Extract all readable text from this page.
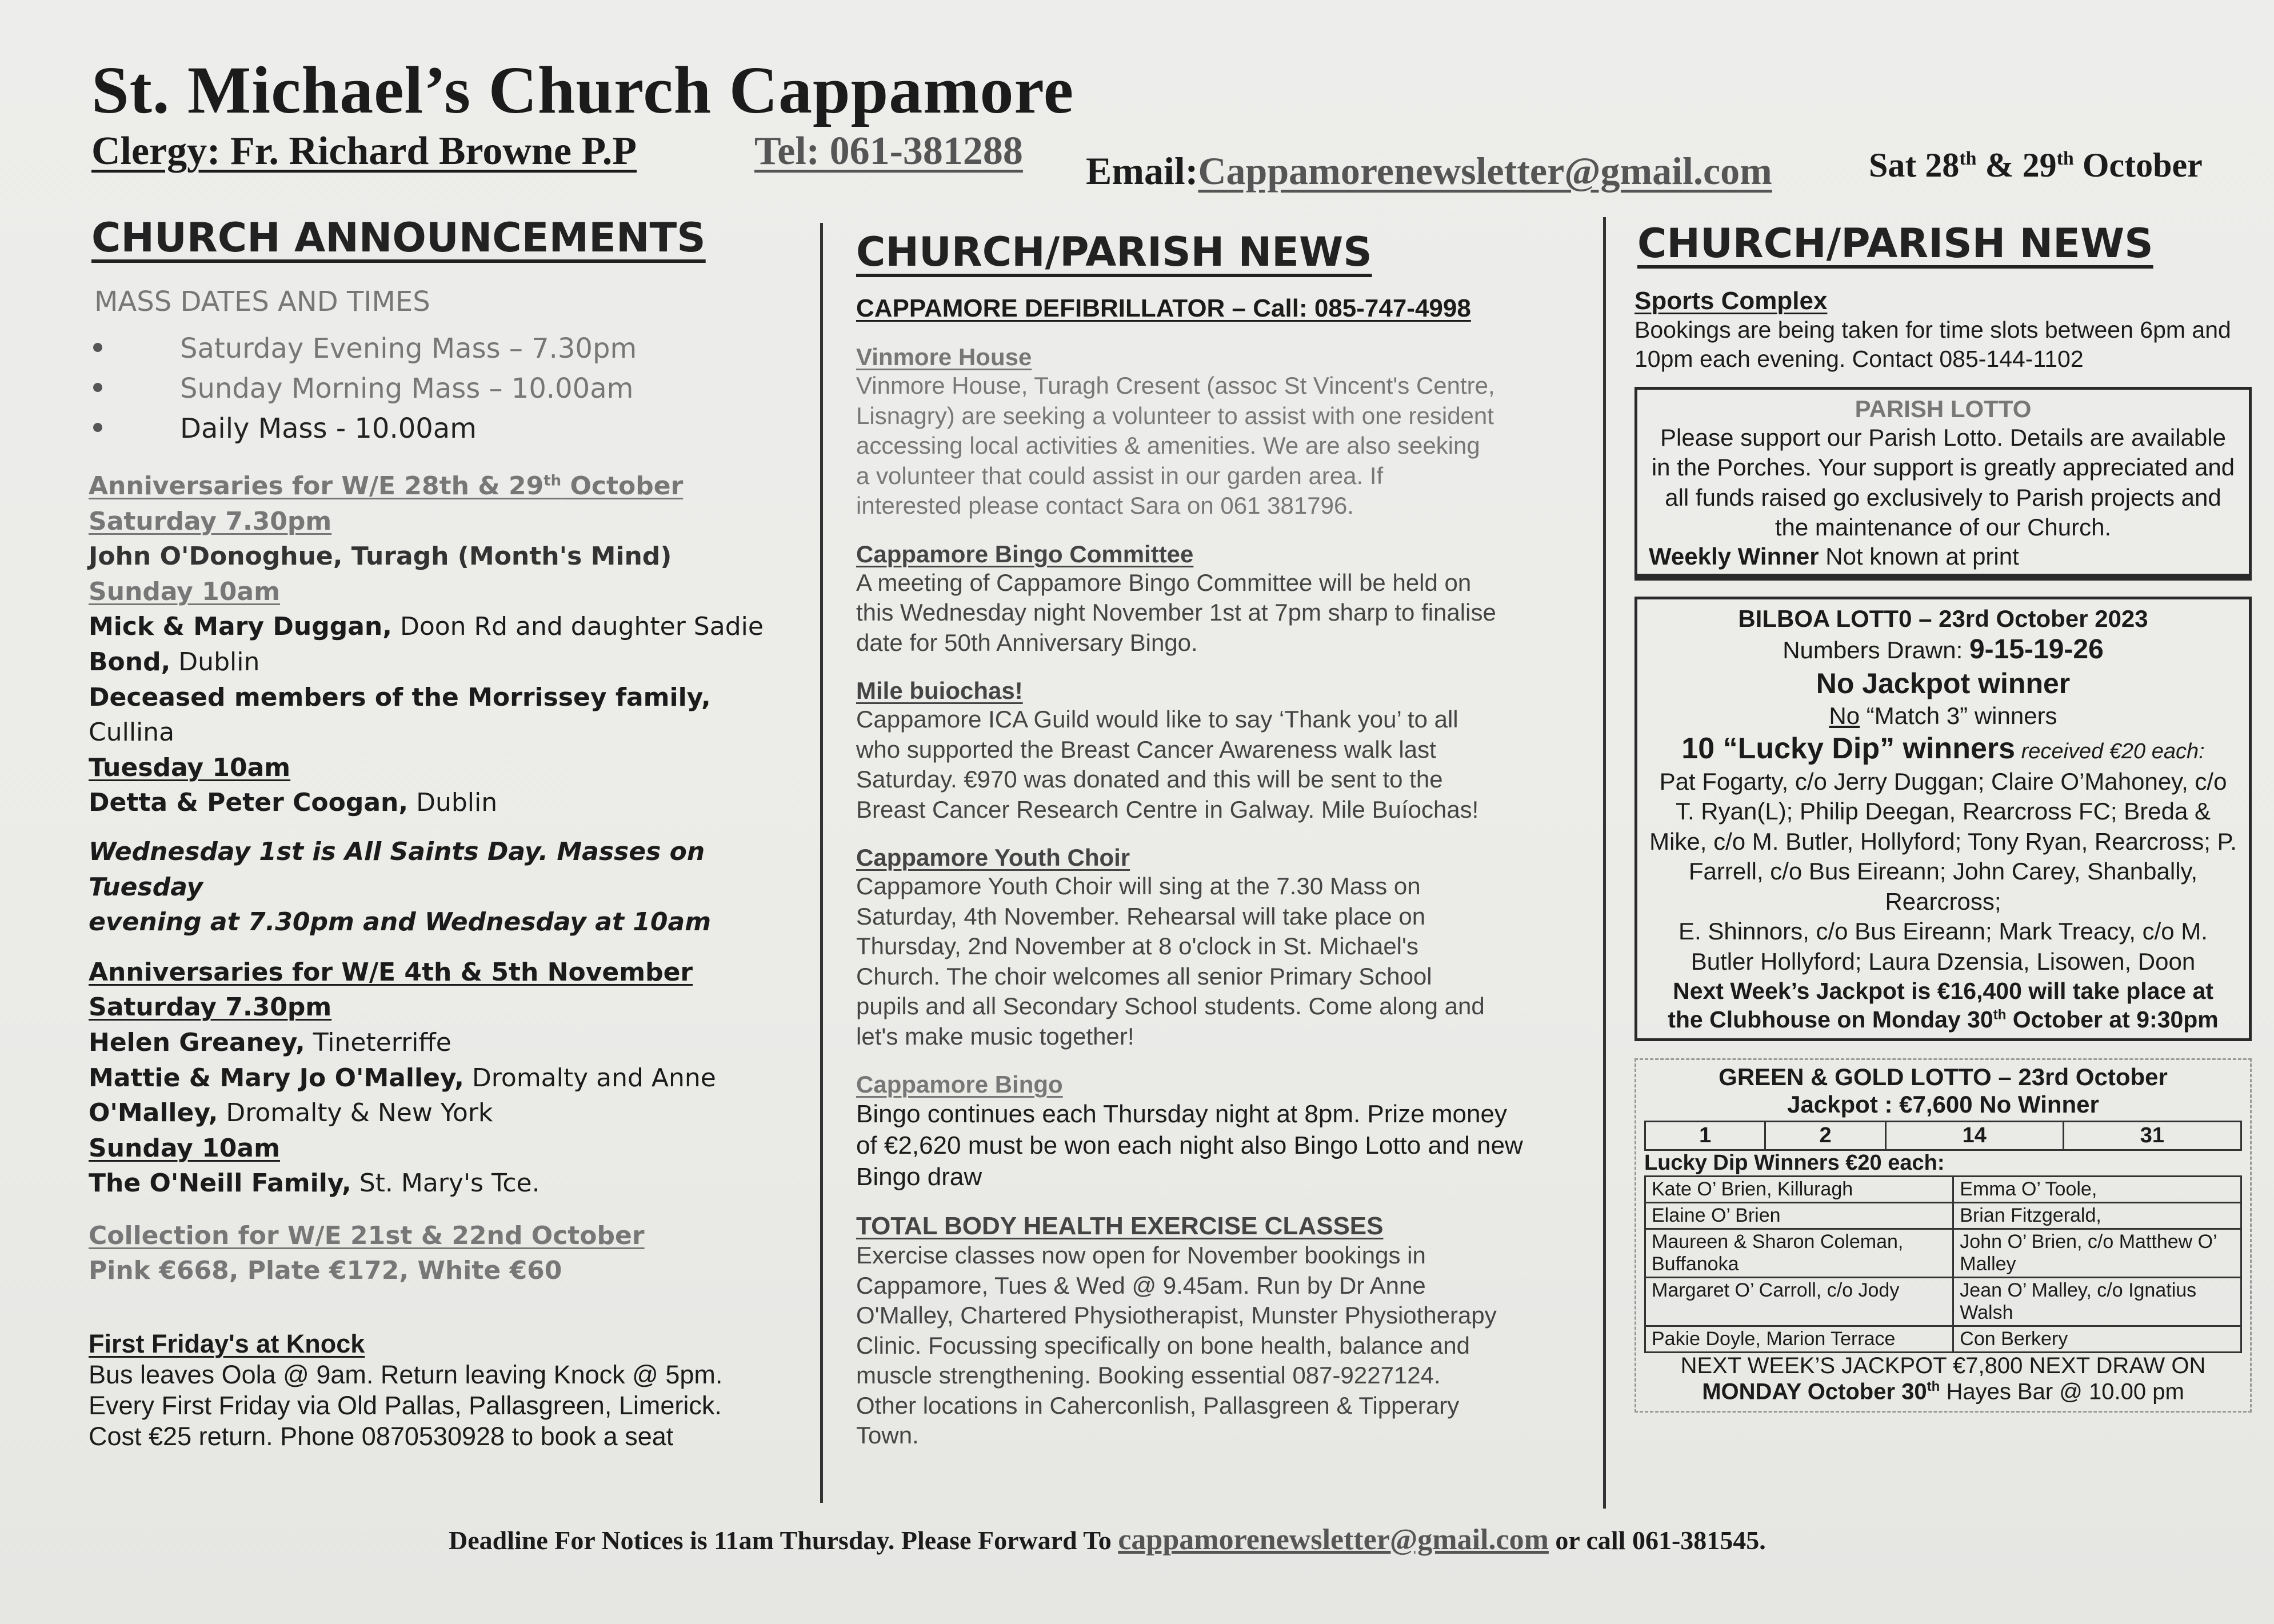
St. Michael’s Church Cappamore
Clergy: Fr. Richard Browne P.P	Tel: 061-381288 Email:Cappamorenewsletter@gmail.com	Sat 28th & 29th October
CHURCH ANNOUNCEMENTS
MASS DATES AND TIMES
Saturday Evening Mass – 7.30pm
Sunday Morning Mass – 10.00am
Daily Mass - 10.00am
Anniversaries for W/E 28th & 29th October
Saturday 7.30pm
John O'Donoghue, Turagh (Month's Mind)
Sunday 10am
Mick & Mary Duggan, Doon Rd and daughter Sadie
Bond, Dublin
Deceased members of the Morrissey family, Cullina
Tuesday 10am
Detta & Peter Coogan, Dublin
Wednesday 1st is All Saints Day. Masses on Tuesday
evening at 7.30pm and Wednesday at 10am
Anniversaries for W/E 4th & 5th November
Saturday 7.30pm
Helen Greaney, Tineterriffe
Mattie & Mary Jo O'Malley, Dromalty and Anne
O'Malley, Dromalty & New York
Sunday 10am
The O'Neill Family, St. Mary's Tce.
Collection for W/E 21st & 22nd October
Pink €668, Plate €172, White €60
First Friday's at Knock
Bus leaves Oola @ 9am. Return leaving Knock @ 5pm.
Every First Friday via Old Pallas, Pallasgreen, Limerick.
Cost €25 return. Phone 0870530928 to book a seat
CHURCH/PARISH NEWS
CAPPAMORE DEFIBRILLATOR – Call: 085-747-4998
Vinmore House

Vinmore House, Turagh Cresent (assoc St Vincent's Centre,

Lisnagry) are seeking a volunteer to assist with one resident

accessing local activities & amenities. We are also seeking

a volunteer that could assist in our garden area. If

interested please contact Sara on 061 381796.

Cappamore Bingo Committee

A meeting of Cappamore Bingo Committee will be held on

this Wednesday night November 1st at 7pm sharp to finalise

date for 50th Anniversary Bingo.

Mile buiochas!

Cappamore ICA Guild would like to say ‘Thank you’ to all

who supported the Breast Cancer Awareness walk last

Saturday. €970 was donated and this will be sent to the

Breast Cancer Research Centre in Galway. Mile Buíochas!

Cappamore Youth Choir

Cappamore Youth Choir will sing at the 7.30 Mass on

Saturday, 4th November. Rehearsal will take place on

Thursday, 2nd November at 8 o'clock in St. Michael's

Church. The choir welcomes all senior Primary School

pupils and all Secondary School students. Come along and

let's make music together!

Cappamore Bingo

Bingo continues each Thursday night at 8pm. Prize money

of €2,620 must be won each night also Bingo Lotto and new

Bingo draw

TOTAL BODY HEALTH EXERCISE CLASSES

Exercise classes now open for November bookings in

Cappamore, Tues & Wed @ 9.45am. Run by Dr Anne

O'Malley, Chartered Physiotherapist, Munster Physiotherapy

Clinic. Focussing specifically on bone health, balance and

muscle strengthening. Booking essential 087-9227124.

Other locations in Caherconlish, Pallasgreen & Tipperary

Town.

CHURCH/PARISH NEWS
Sports Complex

Bookings are being taken for time slots between 6pm and

10pm each evening. Contact 085-144-1102

PARISH LOTTO

Please support our Parish Lotto. Details are available

in the Porches. Your support is greatly appreciated and

all funds raised go exclusively to Parish projects and

the maintenance of our Church.

Weekly Winner Not known at print
BILBOA LOTT0 – 23rd October 2023
Numbers Drawn: 9-15-19-26
No Jackpot winner
No “Match 3” winners
10 “Lucky Dip” winners received €20 each:

Pat Fogarty, c/o Jerry Duggan; Claire O’Mahoney, c/o

T. Ryan(L); Philip Deegan, Rearcross FC; Breda &

Mike, c/o M. Butler, Hollyford; Tony Ryan, Rearcross; P.

Farrell, c/o Bus Eireann; John Carey, Shanbally,

Rearcross;

E. Shinnors, c/o Bus Eireann; Mark Treacy, c/o M.

Butler Hollyford; Laura Dzensia, Lisowen, Doon

Next Week’s Jackpot is €16,400 will take place at
the Clubhouse on Monday 30th October at 9:30pm
GREEN & GOLD LOTTO – 23rd October
Jackpot : €7,600 No Winner
1	2	14	31
Lucky Dip Winners €20 each:
Kate O’ Brien, Killuragh	Emma O’ Toole,
Elaine O’ Brien	Brian Fitzgerald,
Maureen & Sharon Coleman, Buffanoka	John O’ Brien, c/o Matthew O’ Malley
Margaret O’ Carroll, c/o Jody	Jean O’ Malley, c/o Ignatius Walsh
Pakie Doyle, Marion Terrace	Con Berkery
NEXT WEEK’S JACKPOT €7,800 NEXT DRAW ON
MONDAY October 30th Hayes Bar @ 10.00 pm
Deadline For Notices is 11am Thursday. Please Forward To cappamorenewsletter@gmail.com or call 061-381545.
